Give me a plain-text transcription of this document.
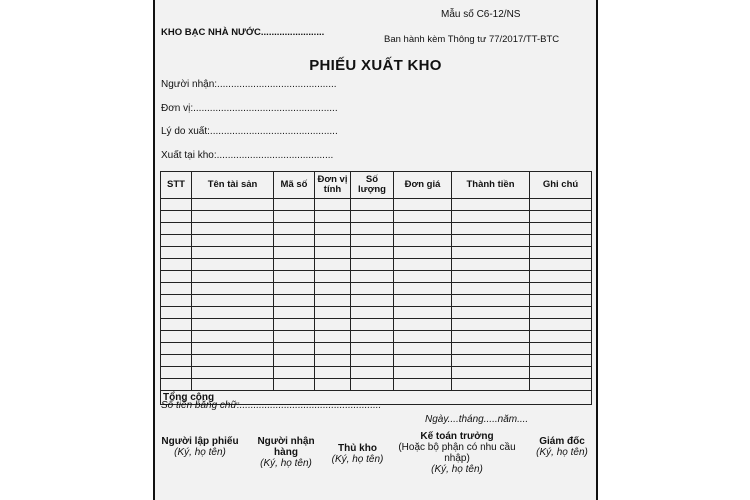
Mẫu số C6-12/NS
KHO BẠC NHÀ NƯỚC........................
Ban hành kèm Thông tư 77/2017/TT-BTC
PHIẾU XUẤT KHO
Người nhận:...........................................
Đơn vị:....................................................
Lý do xuất:..............................................
Xuất tại kho:..........................................
STT	Tên tài sản	Mã số	Đơn vị tính	Số lượng	Đơn giá	Thành tiền	Ghi chú

Tổng cộng							
Số tiền bằng chữ:...................................................
Ngày....tháng.....năm....
Người lập phiếu
(Ký, họ tên)
Người nhận hàng
(Ký, họ tên)
Thủ kho
(Ký, họ tên)
Kế toán trưởng
(Hoặc bộ phận có nhu cầu nhập)
(Ký, họ tên)
Giám đốc
(Ký, họ tên)
